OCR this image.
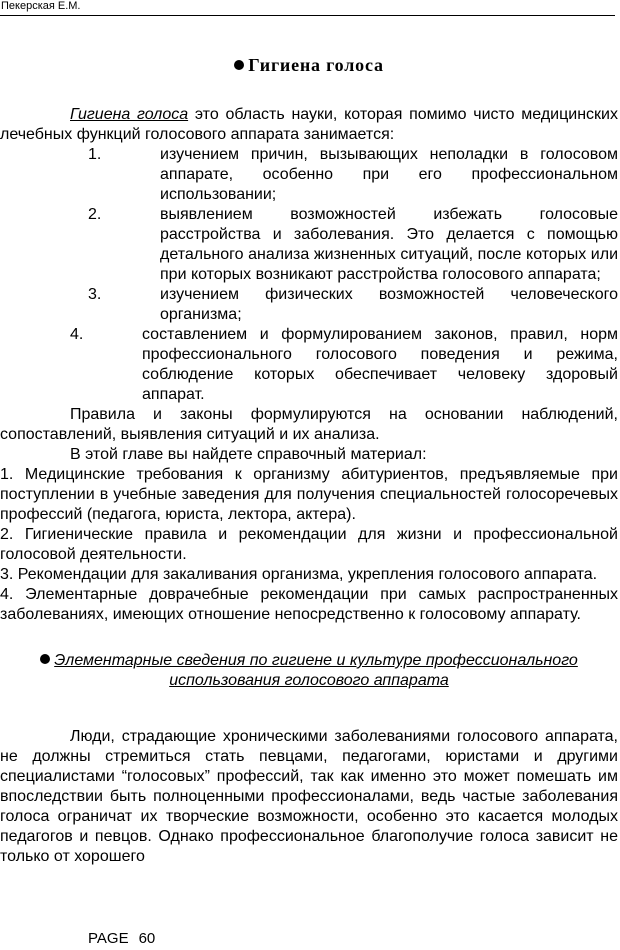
Пекерская Е.М.
Гигиена голоса

Гигиена голоса это область науки, которая помимо чисто медицинских лечебных функций голосового аппарата занимается:

1.	изучением причин, вызывающих неполадки в голосовом аппарате, особенно при его профессиональном использовании;
2.	выявлением возможностей избежать голосовые расстройства и заболевания. Это делается с помощью детального анализа жизненных ситуаций, после которых или при которых возникают расстройства голосового аппарата;
3.	изучением физических возможностей человеческого организма;
4.	составлением и формулированием законов, правил, норм профессионального голосового поведения и режима, соблюдение которых обеспечивает человеку здоровый аппарат.

Правила и законы формулируются на основании наблюдений, сопоставлений, выявления ситуаций и их анализа.

В этой главе вы найдете справочный материал:

1. Медицинские требования к организму абитуриентов, предъявляемые при поступлении в учебные заведения для получения специальностей голосоречевых профессий (педагога, юриста, лектора, актера).

2. Гигиенические правила и рекомендации для жизни и профессиональной голосовой деятельности.

3. Рекомендации для закаливания организма, укрепления голосового аппарата.

4. Элементарные доврачебные рекомендации при самых распространенных заболеваниях, имеющих отношение непосредственно к голосовому аппарату.

Элементарные сведения по гигиене и культуре профессионального
использования голосового аппарата

Люди, страдающие хроническими заболеваниями голосового аппарата, не должны стремиться стать певцами, педагогами, юристами и другими специалистами “голосовых” профессий, так как именно это может помешать им впоследствии быть полноценными профессионалами, ведь частые заболевания голоса ограничат их творческие возможности, особенно это касается молодых педагогов и певцов. Однако профессиональное благополучие голоса зависит не только от хорошего

PAGE 60
